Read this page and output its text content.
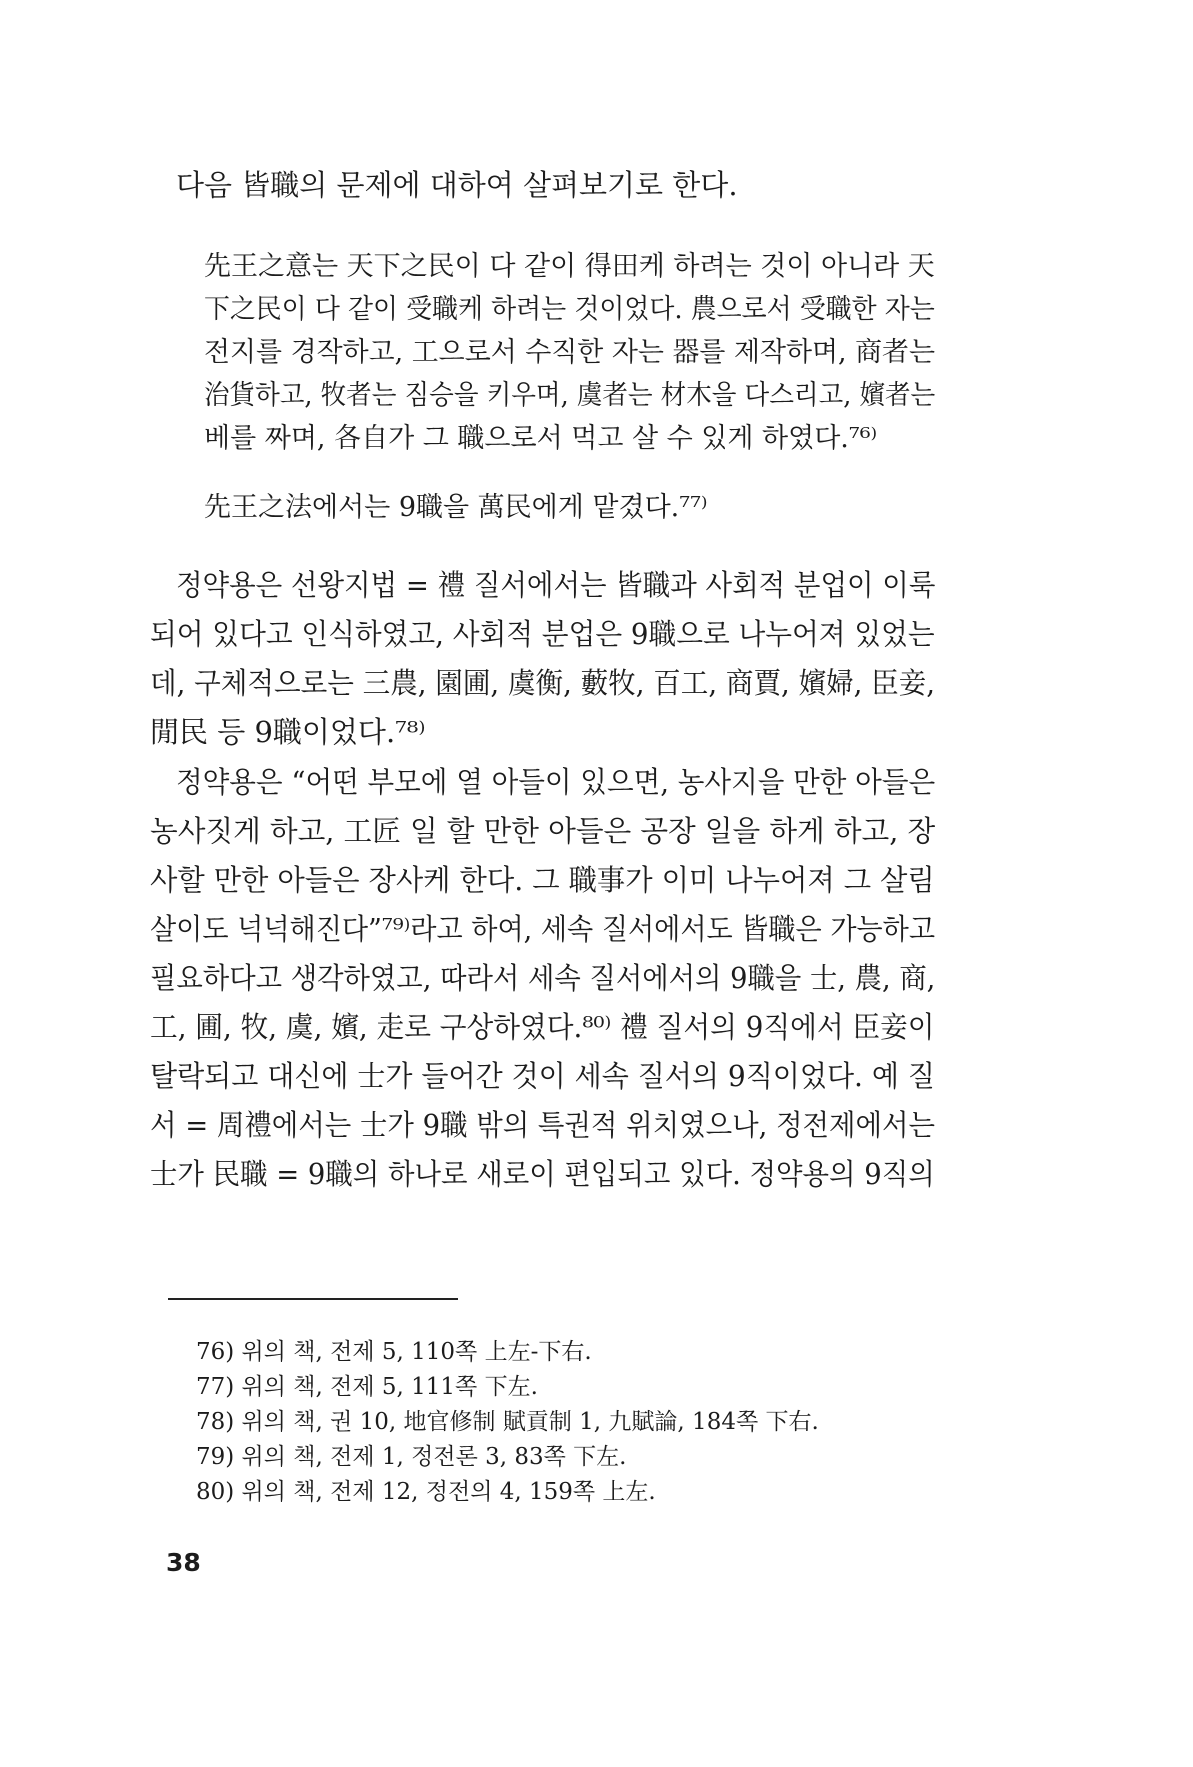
다음 皆職의 문제에 대하여 살펴보기로 한다.

先王之意는 天下之民이 다 같이 得田케 하려는 것이 아니라 天

下之民이 다 같이 受職케 하려는 것이었다. 農으로서 受職한 자는

전지를 경작하고, 工으로서 수직한 자는 器를 제작하며, 商者는

治貨하고, 牧者는 짐승을 키우며, 虞者는 材木을 다스리고, 嬪者는

베를 짜며, 各自가 그 職으로서 먹고 살 수 있게 하였다.⁷⁶⁾

先王之法에서는 9職을 萬民에게 맡겼다.⁷⁷⁾

정약용은 선왕지법 = 禮 질서에서는 皆職과 사회적 분업이 이룩

되어 있다고 인식하였고, 사회적 분업은 9職으로 나누어져 있었는

데, 구체적으로는 三農, 園圃, 虞衡, 藪牧, 百工, 商賈, 嬪婦, 臣妾,

閒民 등 9職이었다.⁷⁸⁾

정약용은 “어떤 부모에 열 아들이 있으면, 농사지을 만한 아들은

농사짓게 하고, 工匠 일 할 만한 아들은 공장 일을 하게 하고, 장

사할 만한 아들은 장사케 한다. 그 職事가 이미 나누어져 그 살림

살이도 넉넉해진다”⁷⁹⁾라고 하여, 세속 질서에서도 皆職은 가능하고

필요하다고 생각하였고, 따라서 세속 질서에서의 9職을 士, 農, 商,

工, 圃, 牧, 虞, 嬪, 走로 구상하였다.⁸⁰⁾ 禮 질서의 9직에서 臣妾이

탈락되고 대신에 士가 들어간 것이 세속 질서의 9직이었다. 예 질

서 = 周禮에서는 士가 9職 밖의 특권적 위치였으나, 정전제에서는

士가 民職 = 9職의 하나로 새로이 편입되고 있다. 정약용의 9직의

76) 위의 책, 전제 5, 110쪽 上左-下右.

77) 위의 책, 전제 5, 111쪽 下左.

78) 위의 책, 권 10, 地官修制 賦貢制 1, 九賦論, 184쪽 下右.

79) 위의 책, 전제 1, 정전론 3, 83쪽 下左.

80) 위의 책, 전제 12, 정전의 4, 159쪽 上左.

38
